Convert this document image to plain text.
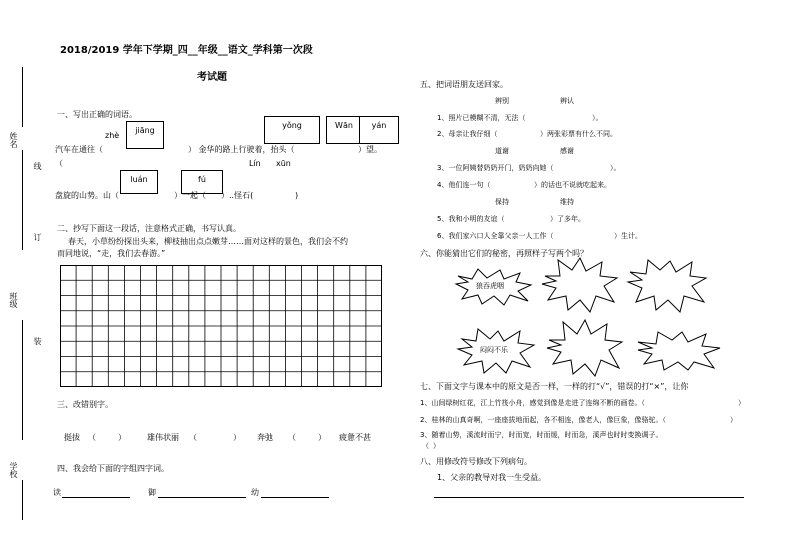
姓名
线
订
班级
装
学校
2018/2019 学年下学期_四__年级__语文_学科第一次段
考试题
一、写出正确的词语。
zhè
jiāng
yǒng	Wān	yán
汽车在通往（	） 金华的路上行驶着，抬头（	）望。
（	Lín xūn
luán	fú
盘旋的山势。山（	）一起（ ）..怪石(	)
二、抄写下面这一段话，注意格式正确，书写认真。
春天，小草纷纷探出头来，柳枝抽出点点嫩芽……面对这样的景色，我们会不约
而同地说，“走，我们去春游。”
三、改错别字。
挺拔 （	）	雄伟状丽 （	） 奔弛 （	） 疲惫不甚
四、我会给下面的字组四字词。
读	御	幼
五、把词语朋友送回家。
辨别	辨认
1、照片已模糊不清，无法（	）。
2、母亲让我仔细（	）两张彩票有什么不同。
道谢	感谢
3、一位阿姨替奶奶开门，奶奶向她（	）。
4、他们连一句（	）的话也不说就吃起来。
保持	维持
5、我和小明的友谊（	）了多年。
6、我们家六口人全靠父亲一人工作（	）生计。
六、你能猜出它们的秘密，再照样子写两个吗？
狼吞虎咽
闷闷不乐
七、下面文字与课本中的原文是否一样，一样的打“√”，错误的打“×”，让你
1、山间绿树红花，江上竹筏小舟，感觉到像是走进了连绵不断的画卷。（	）
2、桂林的山真奇啊，一座座拔地而起，各不相连，像老人，像巨象，像骆驼。（	）
3、随着山势，溪流时而宁，时而宽，时而缓，时而急，溪声也时时变换调子。
（ ）
八、用修改符号修改下列病句。
1、父亲的教导对我一生受益。
